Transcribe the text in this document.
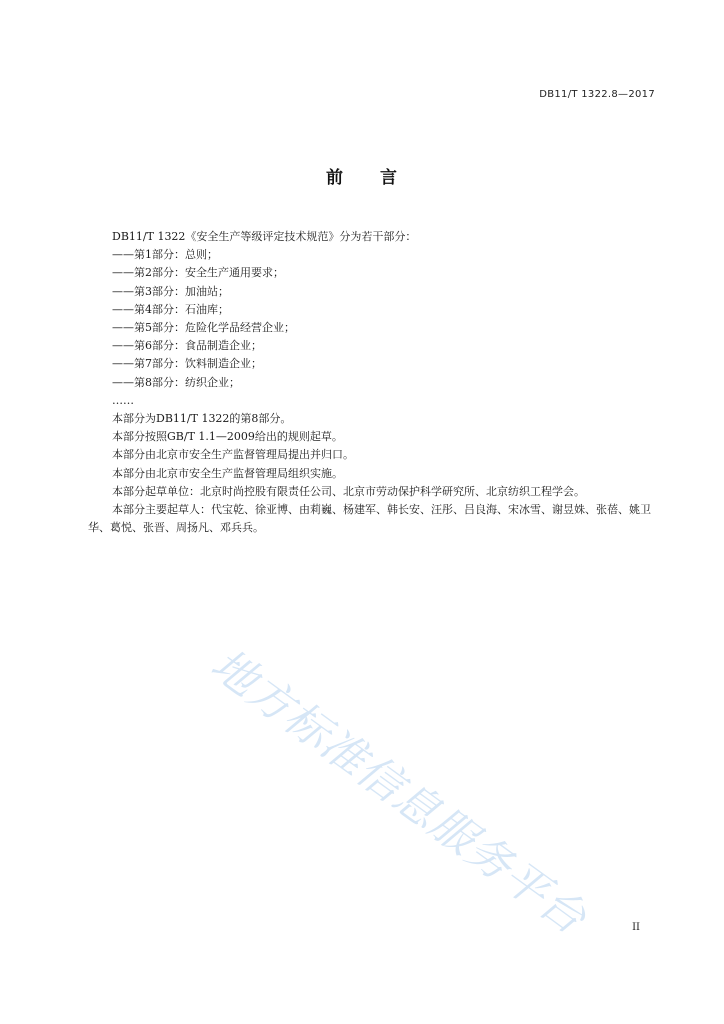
DB11/T 1322.8—2017
前　　言
DB11/T 1322《安全生产等级评定技术规范》分为若干部分：
——第1部分：总则；
——第2部分：安全生产通用要求；
——第3部分：加油站；
——第4部分：石油库；
——第5部分：危险化学品经营企业；
——第6部分：食品制造企业；
——第7部分：饮料制造企业；
——第8部分：纺织企业；
……
本部分为DB11/T 1322的第8部分。
本部分按照GB/T 1.1—2009给出的规则起草。
本部分由北京市安全生产监督管理局提出并归口。
本部分由北京市安全生产监督管理局组织实施。
本部分起草单位：北京时尚控股有限责任公司、北京市劳动保护科学研究所、北京纺织工程学会。
本部分主要起草人：代宝乾、徐亚博、由莉巍、杨建军、韩长安、汪彤、吕良海、宋冰雪、谢昱姝、张蓓、姚卫华、葛悦、张晋、周扬凡、邓兵兵。
地方标准信息服务平台	II
